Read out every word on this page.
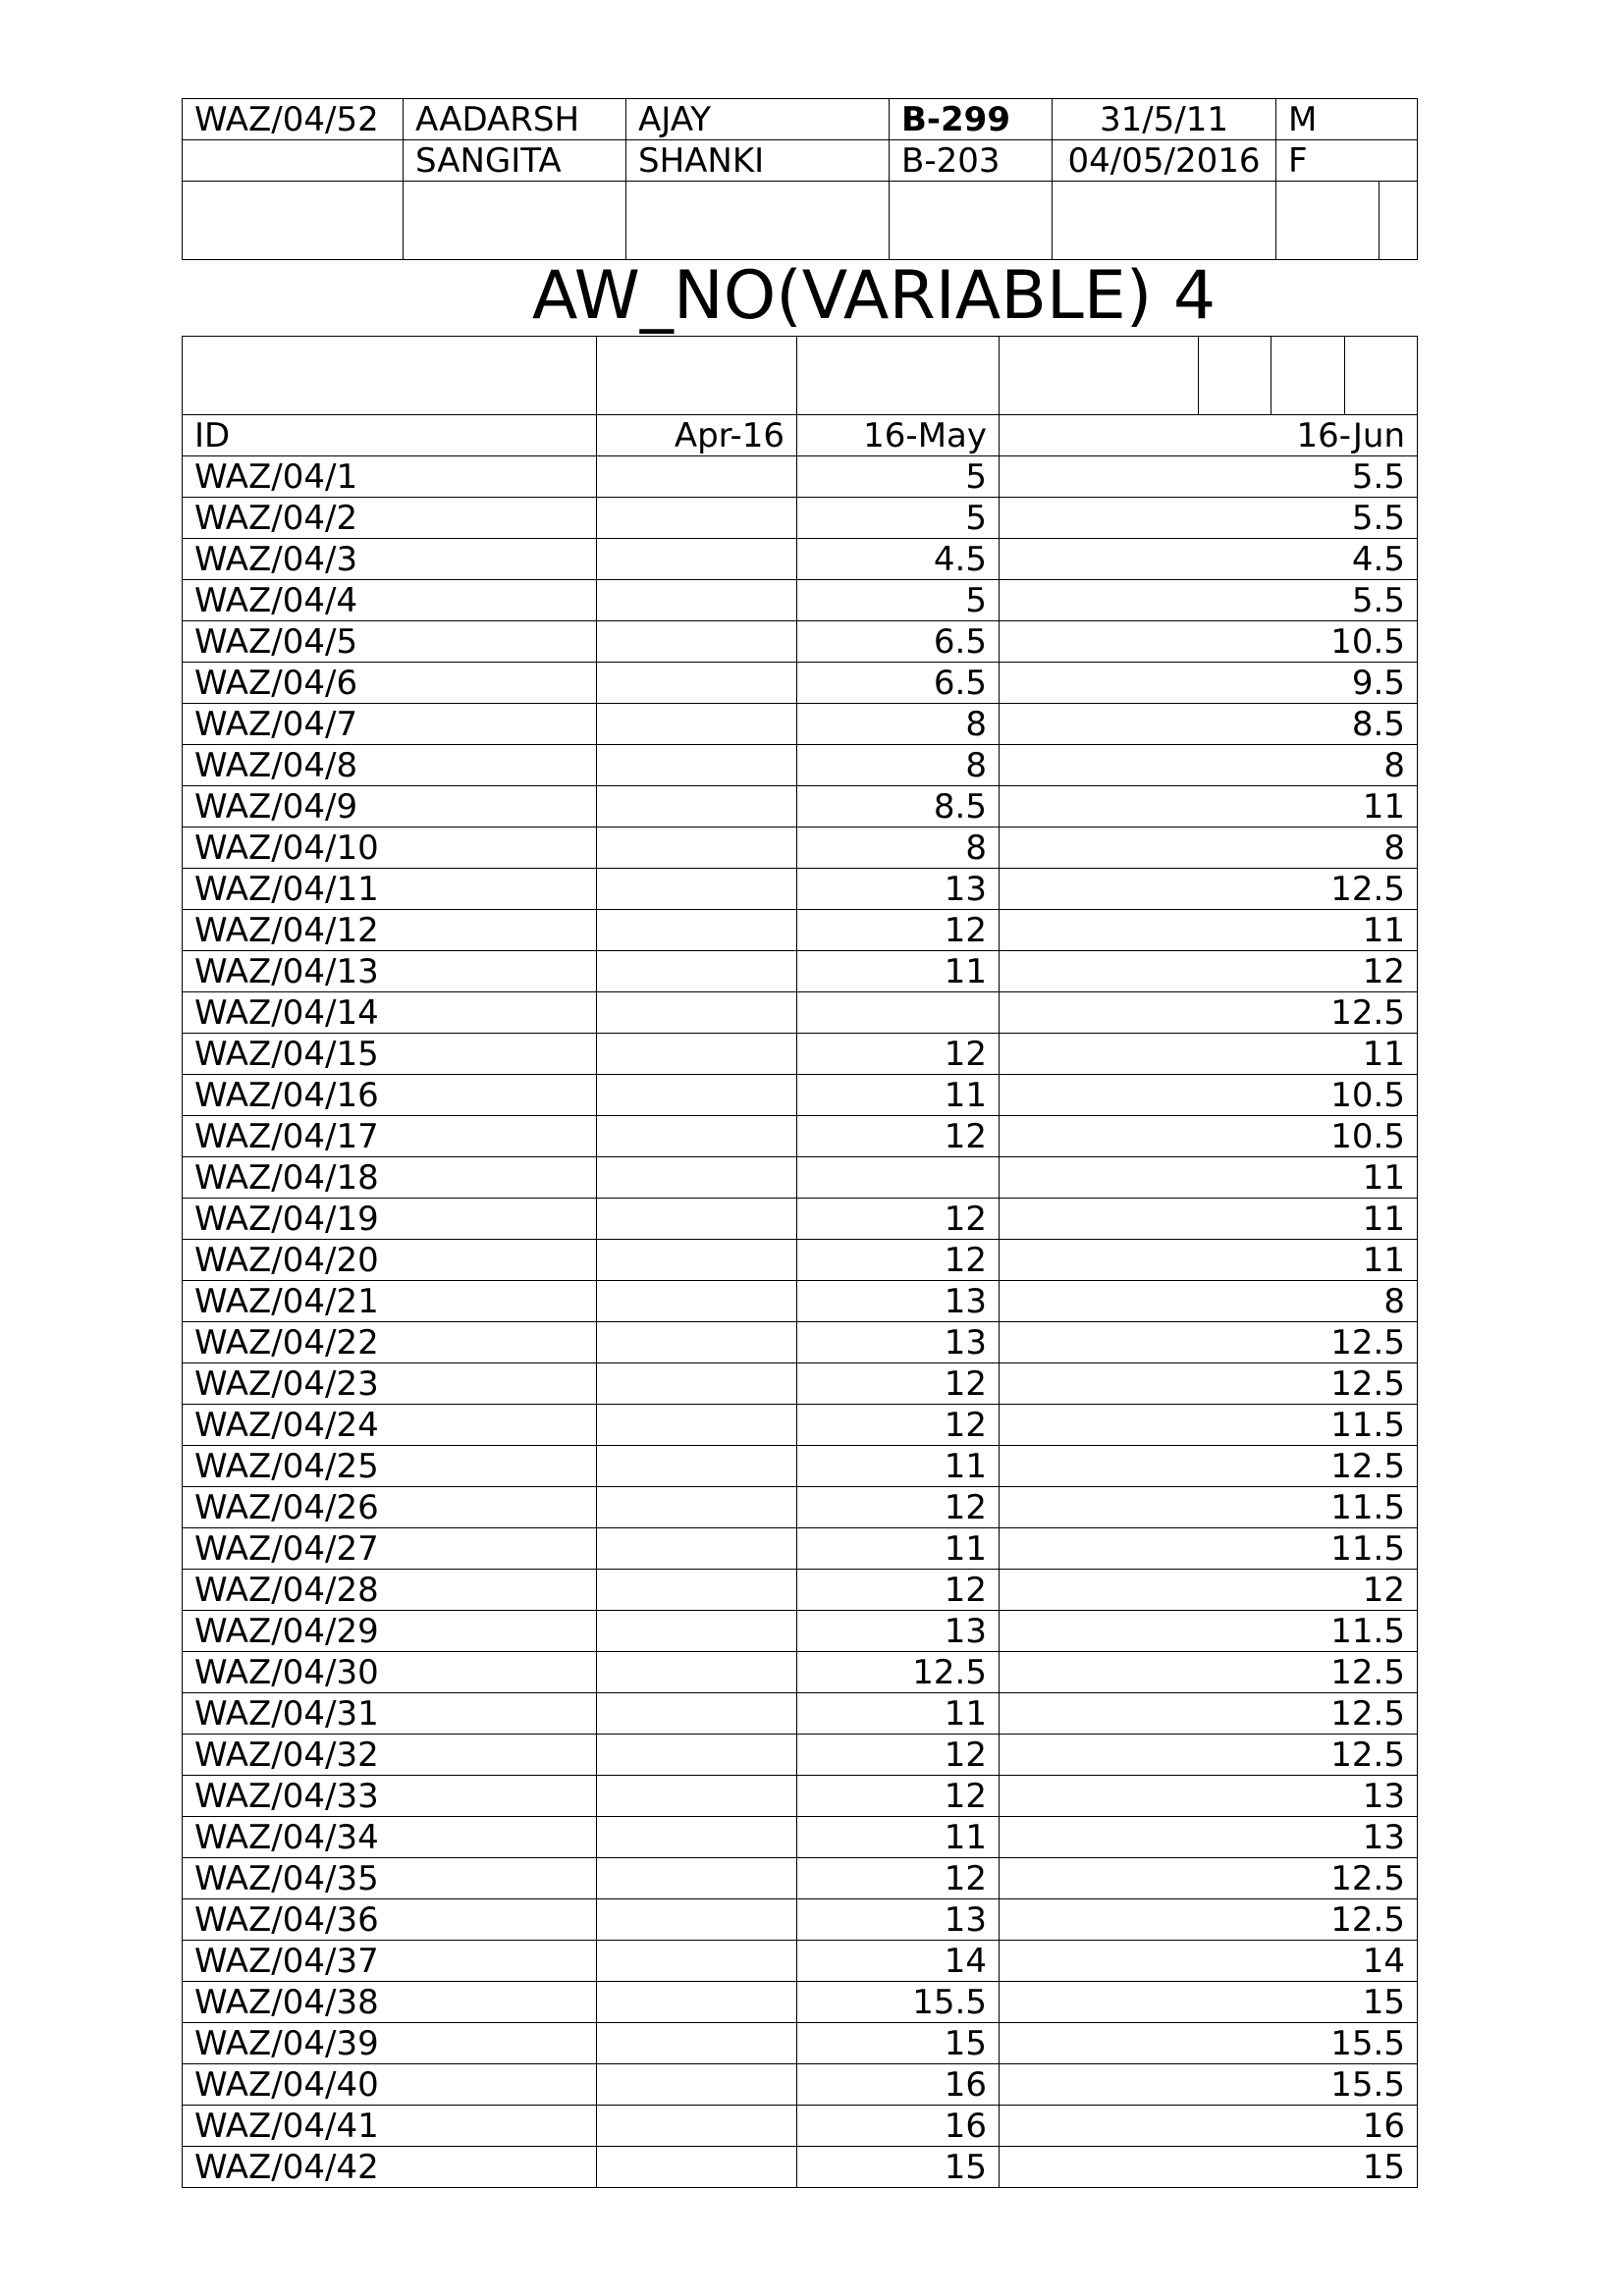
WAZ/04/52	AADARSH	AJAY	B-299	31/5/11	M	
	SANGITA	SHANKI	B-203	04/05/2016	F	

AW_NO(VARIABLE) 4

ID	Apr-16	16-May	16-Jun			
WAZ/04/1		5	5.5			
WAZ/04/2		5	5.5			
WAZ/04/3		4.5	4.5			
WAZ/04/4		5	5.5			
WAZ/04/5		6.5	10.5			
WAZ/04/6		6.5	9.5			
WAZ/04/7		8	8.5			
WAZ/04/8		8	8			
WAZ/04/9		8.5	11			
WAZ/04/10		8	8			
WAZ/04/11		13	12.5			
WAZ/04/12		12	11			
WAZ/04/13		11	12			
WAZ/04/14			12.5			
WAZ/04/15		12	11			
WAZ/04/16		11	10.5			
WAZ/04/17		12	10.5			
WAZ/04/18			11			
WAZ/04/19		12	11			
WAZ/04/20		12	11			
WAZ/04/21		13	8			
WAZ/04/22		13	12.5			
WAZ/04/23		12	12.5			
WAZ/04/24		12	11.5			
WAZ/04/25		11	12.5			
WAZ/04/26		12	11.5			
WAZ/04/27		11	11.5			
WAZ/04/28		12	12			
WAZ/04/29		13	11.5			
WAZ/04/30		12.5	12.5			
WAZ/04/31		11	12.5			
WAZ/04/32		12	12.5			
WAZ/04/33		12	13			
WAZ/04/34		11	13			
WAZ/04/35		12	12.5			
WAZ/04/36		13	12.5			
WAZ/04/37		14	14			
WAZ/04/38		15.5	15			
WAZ/04/39		15	15.5			
WAZ/04/40		16	15.5			
WAZ/04/41		16	16			
WAZ/04/42		15	15			
